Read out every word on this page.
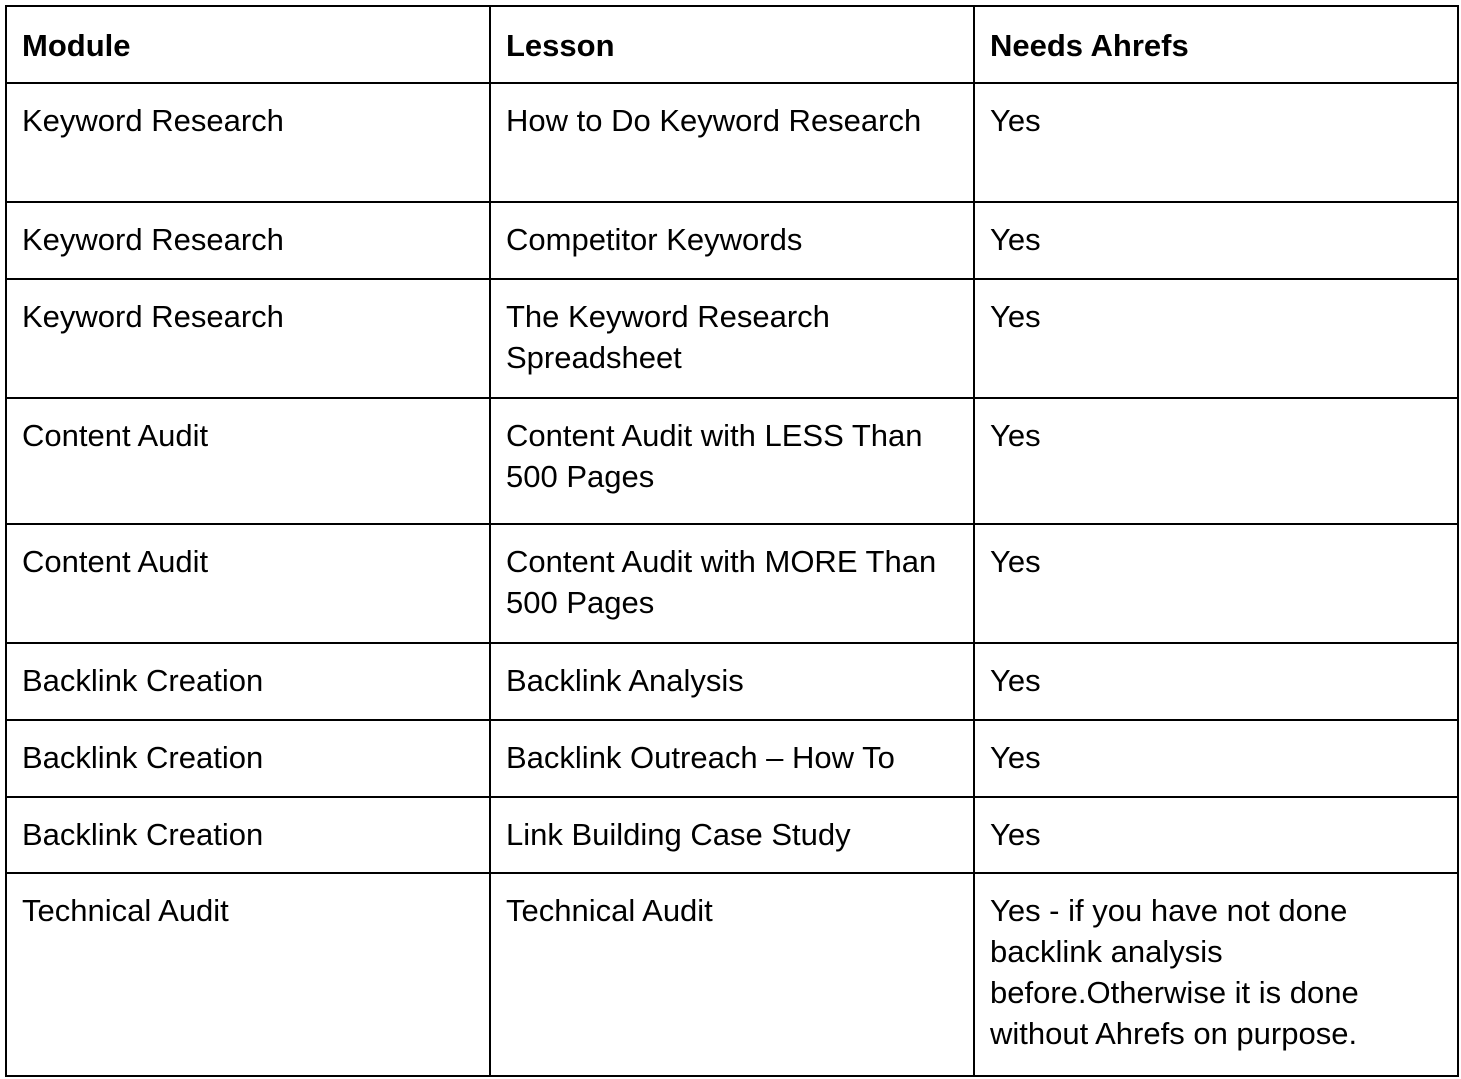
Module	Lesson	Needs Ahrefs
Keyword Research	How to Do Keyword Research	Yes
Keyword Research	Competitor Keywords	Yes
Keyword Research	The Keyword Research Spreadsheet	Yes
Content Audit	Content Audit with LESS Than 500 Pages	Yes
Content Audit	Content Audit with MORE Than 500 Pages	Yes
Backlink Creation	Backlink Analysis	Yes
Backlink Creation	Backlink Outreach – How To	Yes
Backlink Creation	Link Building Case Study	Yes
Technical Audit	Technical Audit	Yes - if you have not done backlink analysis before.Otherwise it is done without Ahrefs on purpose.
